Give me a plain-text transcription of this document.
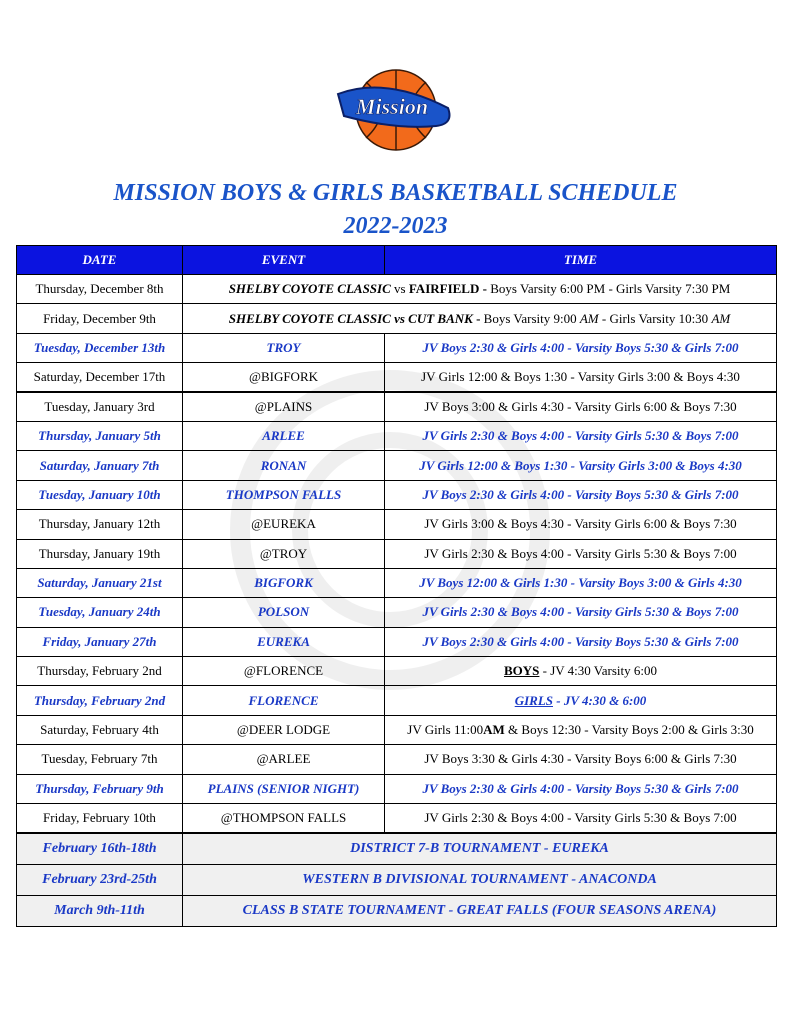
Mission
MISSION BOYS & GIRLS BASKETBALL SCHEDULE
2022-2023
DATE	EVENT	TIME
Thursday, December 8th	SHELBY COYOTE CLASSIC vs FAIRFIELD - Boys Varsity 6:00 PM - Girls Varsity 7:30 PM	
Friday, December 9th	SHELBY COYOTE CLASSIC vs CUT BANK - Boys Varsity 9:00 AM - Girls Varsity 10:30 AM	
Tuesday, December 13th	TROY	JV Boys 2:30 & Girls 4:00 - Varsity Boys 5:30 & Girls 7:00
Saturday, December 17th	@BIGFORK	JV Girls 12:00 & Boys 1:30 - Varsity Girls 3:00 & Boys 4:30
Tuesday, January 3rd	@PLAINS	JV Boys 3:00 & Girls 4:30 - Varsity Girls 6:00 & Boys 7:30
Thursday, January 5th	ARLEE	JV Girls 2:30 & Boys 4:00 - Varsity Girls 5:30 & Boys 7:00
Saturday, January 7th	RONAN	JV Girls 12:00 & Boys 1:30 - Varsity Girls 3:00 & Boys 4:30
Tuesday, January 10th	THOMPSON FALLS	JV Boys 2:30 & Girls 4:00 - Varsity Boys 5:30 & Girls 7:00
Thursday, January 12th	@EUREKA	JV Girls 3:00 & Boys 4:30 - Varsity Girls 6:00 & Boys 7:30
Thursday, January 19th	@TROY	JV Girls 2:30 & Boys 4:00 - Varsity Girls 5:30 & Boys 7:00
Saturday, January 21st	BIGFORK	JV Boys 12:00 & Girls 1:30 - Varsity Boys 3:00 & Girls 4:30
Tuesday, January 24th	POLSON	JV Girls 2:30 & Boys 4:00 - Varsity Girls 5:30 & Boys 7:00
Friday, January 27th	EUREKA	JV Boys 2:30 & Girls 4:00 - Varsity Boys 5:30 & Girls 7:00
Thursday, February 2nd	@FLORENCE	BOYS - JV 4:30 Varsity 6:00
Thursday, February 2nd	FLORENCE	GIRLS - JV 4:30 & 6:00
Saturday, February 4th	@DEER LODGE	JV Girls 11:00AM & Boys 12:30 - Varsity Boys 2:00 & Girls 3:30
Tuesday, February 7th	@ARLEE	JV Boys 3:30 & Girls 4:30 - Varsity Boys 6:00 & Girls 7:30
Thursday, February 9th	PLAINS (SENIOR NIGHT)	JV Boys 2:30 & Girls 4:00 - Varsity Boys 5:30 & Girls 7:00
Friday, February 10th	@THOMPSON FALLS	JV Girls 2:30 & Boys 4:00 - Varsity Girls 5:30 & Boys 7:00
February 16th-18th	DISTRICT 7-B TOURNAMENT - EUREKA	
February 23rd-25th	WESTERN B DIVISIONAL TOURNAMENT - ANACONDA	
March 9th-11th	CLASS B STATE TOURNAMENT - GREAT FALLS (FOUR SEASONS ARENA)	
